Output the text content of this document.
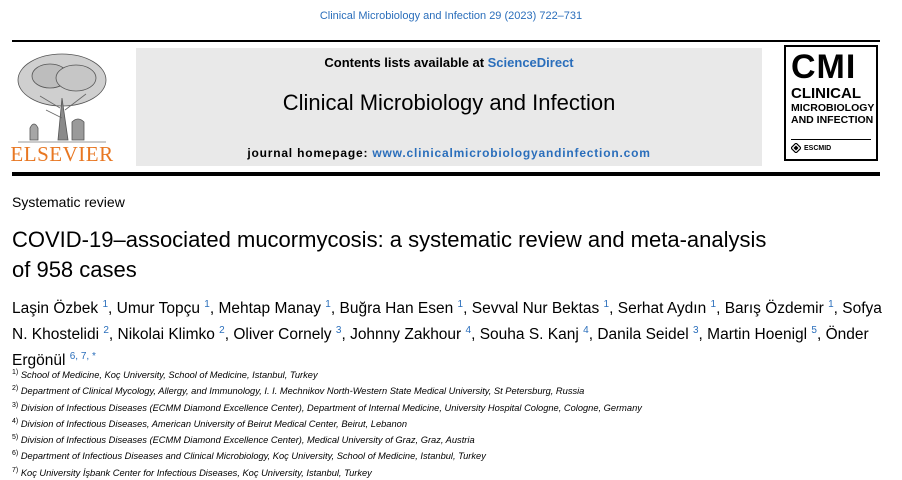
Clinical Microbiology and Infection 29 (2023) 722–731
ELSEVIER
Contents lists available at ScienceDirect
Clinical Microbiology and Infection
journal homepage: www.clinicalmicrobiologyandinfection.com
CMI
CLINICAL
MICROBIOLOGY
AND INFECTION
ESCMID
Systematic review
COVID-19–associated mucormycosis: a systematic review and meta-analysis of 958 cases
Laşin Özbek $^1$, Umur Topçu $^1$, Mehtap Manay $^1$, Buğra Han Esen $^1$, Sevval Nur Bektas $^1$, Serhat Aydın $^1$, Barış Özdemir $^1$, Sofya N. Khostelidi $^2$, Nikolai Klimko $^2$, Oliver Cornely $^3$, Johnny Zakhour $^4$, Souha S. Kanj $^4$, Danila Seidel $^3$, Martin Hoenigl $^5$, Önder Ergönül $^{6, 7, *}$
$^{1)}$ School of Medicine, Koç University, School of Medicine, Istanbul, Turkey
$^{2)}$ Department of Clinical Mycology, Allergy, and Immunology, I. I. Mechnikov North-Western State Medical University, St Petersburg, Russia
$^{3)}$ Division of Infectious Diseases (ECMM Diamond Excellence Center), Department of Internal Medicine, University Hospital Cologne, Cologne, Germany
$^{4)}$ Division of Infectious Diseases, American University of Beirut Medical Center, Beirut, Lebanon
$^{5)}$ Division of Infectious Diseases (ECMM Diamond Excellence Center), Medical University of Graz, Graz, Austria
$^{6)}$ Department of Infectious Diseases and Clinical Microbiology, Koç University, School of Medicine, Istanbul, Turkey
$^{7)}$ Koç University İşbank Center for Infectious Diseases, Koç University, Istanbul, Turkey
